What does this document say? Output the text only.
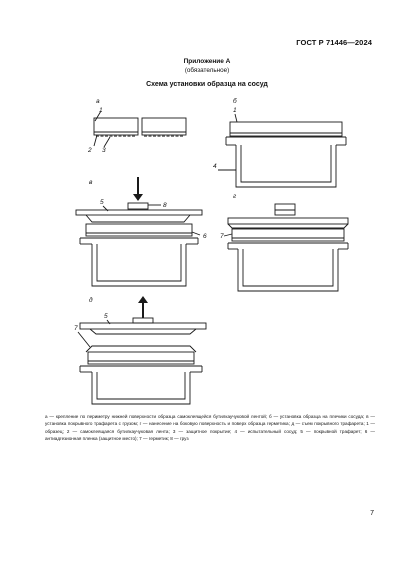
ГОСТ Р 71446—2024
Приложение А
(обязательное)
Схема установки образца на сосуд
а
1
2 3
б
1
4
в
8
5
6
г
7
д
5
7
а — крепление по периметру нижней поверхности образца самоклеящейся бутилкаучуковой лентой; б — установка образца на плечики сосуда; в — установка покрывного трафарета с грузом; г — нанесение на боковую поверхность и поверх образца герметика; д — съем покрывного трафарета; 1 — образец; 2 — самоклеящаяся бутилкаучуковая лента; 3 — защитное покрытие; 4 — испытательный сосуд; 5 — покрывной трафарет; 6 — антиадгезионная пленка (защитное место); 7 — герметик; 8 — груз
7
